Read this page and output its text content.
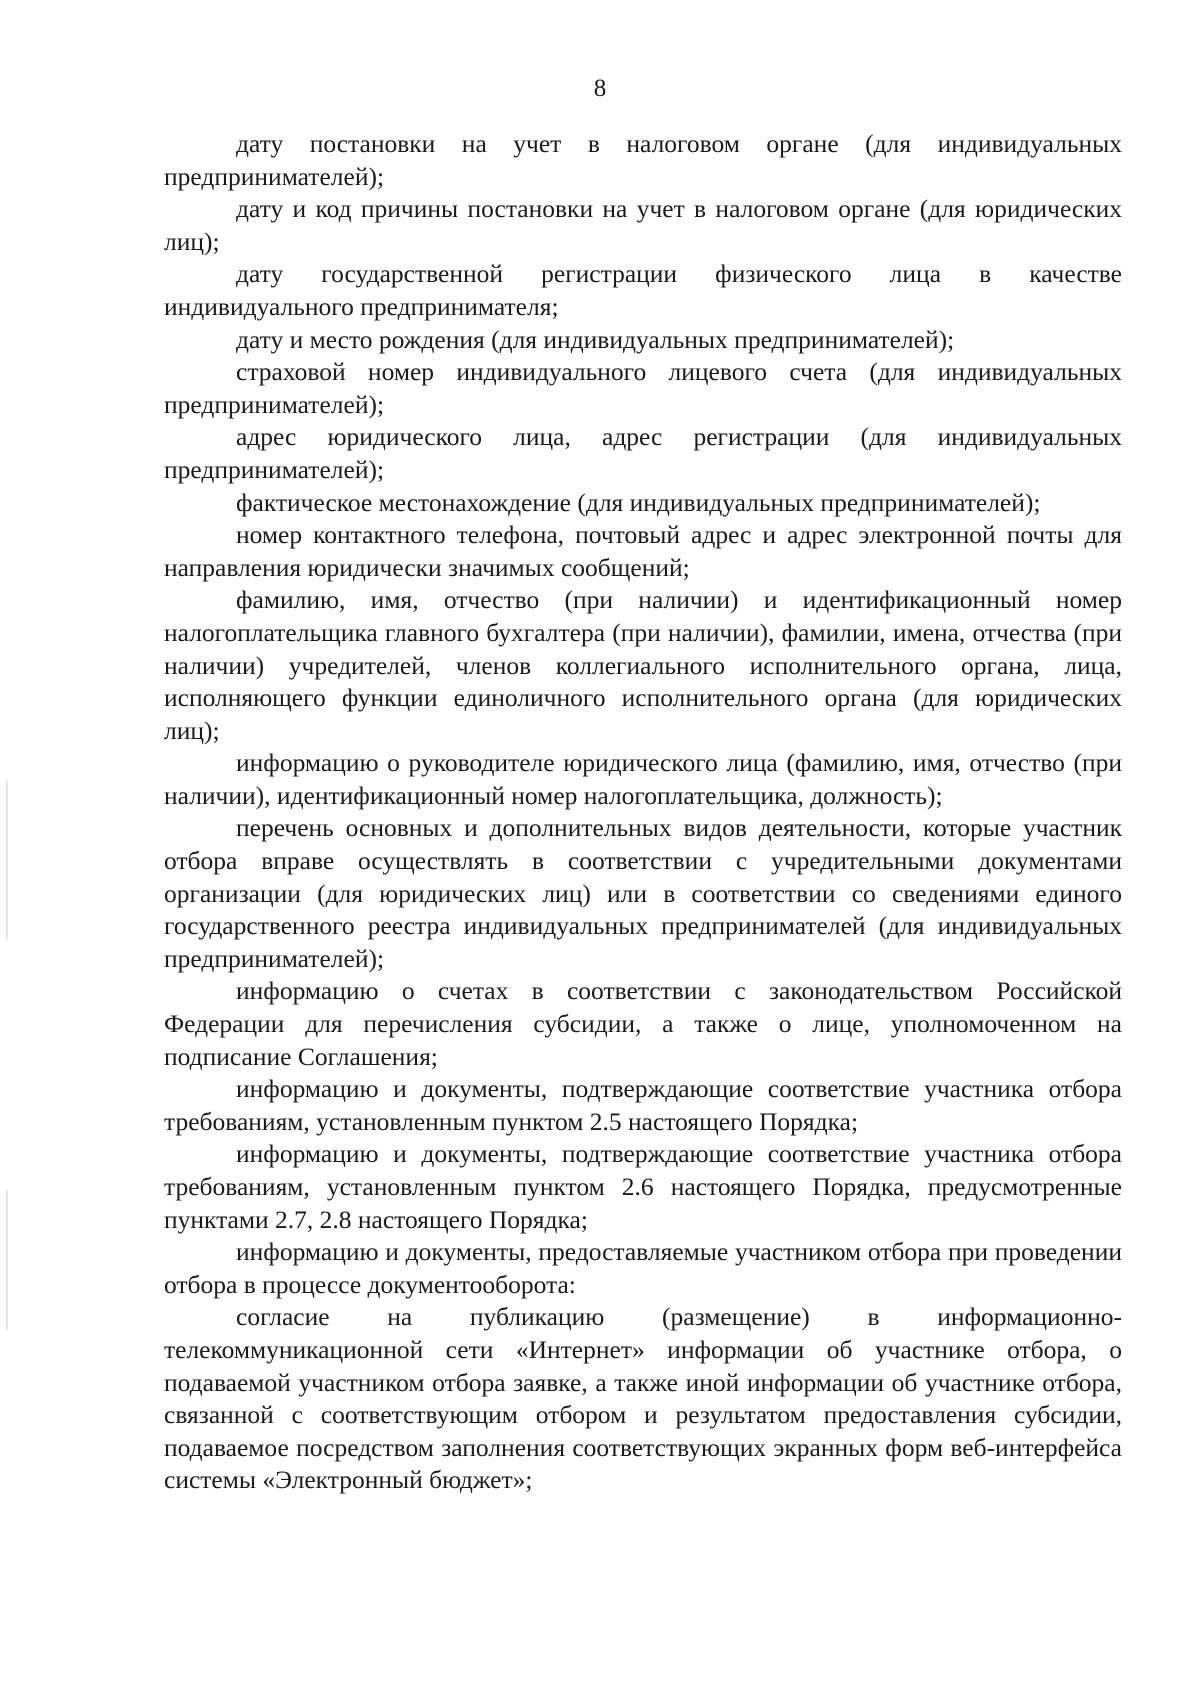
8

дату постановки на учет в налоговом органе (для индивидуальных предпринимателей);

дату и код причины постановки на учет в налоговом органе (для юридических лиц);

дату государственной регистрации физического лица в качестве индивидуального предпринимателя;

дату и место рождения (для индивидуальных предпринимателей);

страховой номер индивидуального лицевого счета (для индивидуальных предпринимателей);

адрес юридического лица, адрес регистрации (для индивидуальных предпринимателей);

фактическое местонахождение (для индивидуальных предпринимателей);

номер контактного телефона, почтовый адрес и адрес электронной почты для направления юридически значимых сообщений;

фамилию, имя, отчество (при наличии) и идентификационный номер налогоплательщика главного бухгалтера (при наличии), фамилии, имена, отчества (при наличии) учредителей, членов коллегиального исполнительного органа, лица, исполняющего функции единоличного исполнительного органа (для юридических лиц);

информацию о руководителе юридического лица (фамилию, имя, отчество (при наличии), идентификационный номер налогоплательщика, должность);

перечень основных и дополнительных видов деятельности, которые участник отбора вправе осуществлять в соответствии с учредительными документами организации (для юридических лиц) или в соответствии со сведениями единого государственного реестра индивидуальных предпринимателей (для индивидуальных предпринимателей);

информацию о счетах в соответствии с законодательством Российской Федерации для перечисления субсидии, а также о лице, уполномоченном на подписание Соглашения;

информацию и документы, подтверждающие соответствие участника отбора требованиям, установленным пунктом 2.5 настоящего Порядка;

информацию и документы, подтверждающие соответствие участника отбора требованиям, установленным пунктом 2.6 настоящего Порядка, предусмотренные пунктами 2.7, 2.8 настоящего Порядка;

информацию и документы, предоставляемые участником отбора при проведении отбора в процессе документооборота:

согласие на публикацию (размещение) в информационно-телекоммуникационной сети «Интернет» информации об участнике отбора, о подаваемой участником отбора заявке, а также иной информации об участнике отбора, связанной с соответствующим отбором и результатом предоставления субсидии, подаваемое посредством заполнения соответствующих экранных форм веб-интерфейса системы «Электронный бюджет»;
